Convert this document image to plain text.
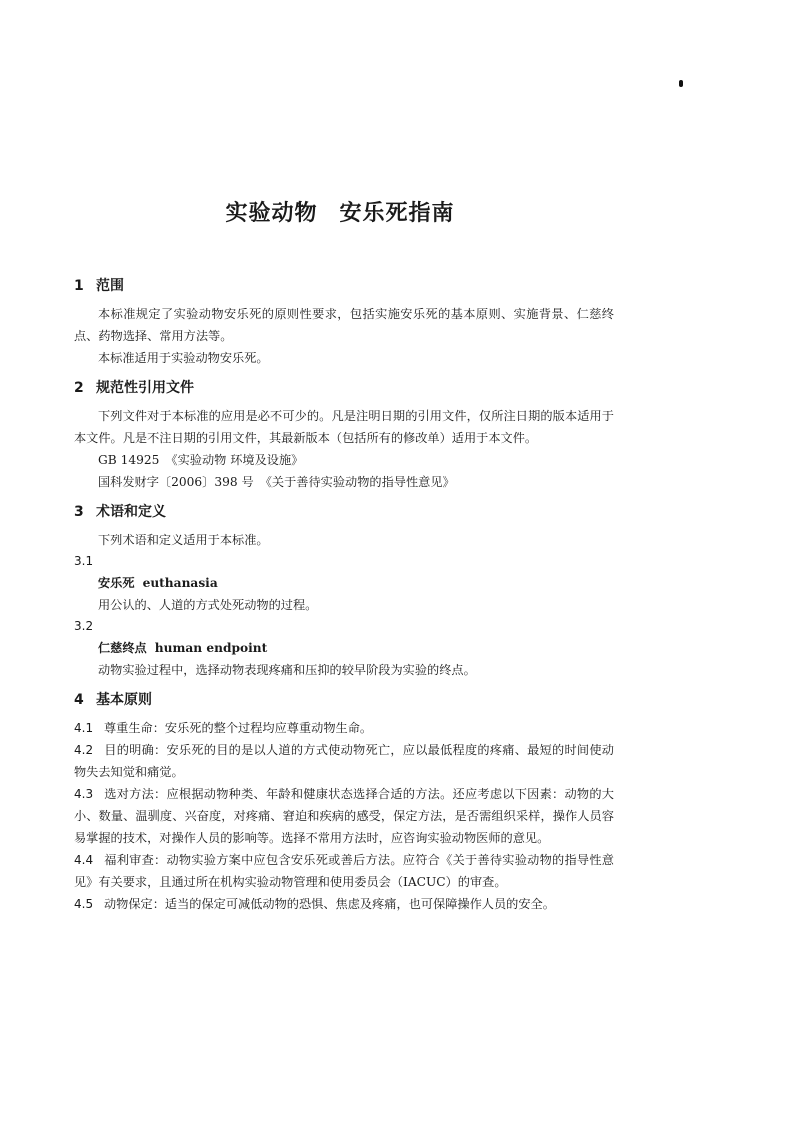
实验动物 安乐死指南
1 范围
本标准规定了实验动物安乐死的原则性要求，包括实施安乐死的基本原则、实施背景、仁慈终点、药物选择、常用方法等。
本标准适用于实验动物安乐死。
2 规范性引用文件
下列文件对于本标准的应用是必不可少的。凡是注明日期的引用文件，仅所注日期的版本适用于本文件。凡是不注日期的引用文件，其最新版本（包括所有的修改单）适用于本文件。
GB 14925　《实验动物 环境及设施》
国科发财字〔2006〕398 号　《关于善待实验动物的指导性意见》
3 术语和定义
下列术语和定义适用于本标准。
3.1
安乐死 euthanasia
用公认的、人道的方式处死动物的过程。
3.2
仁慈终点 human endpoint
动物实验过程中，选择动物表现疼痛和压抑的较早阶段为实验的终点。
4 基本原则
4.1 尊重生命：安乐死的整个过程均应尊重动物生命。
4.2 目的明确：安乐死的目的是以人道的方式使动物死亡，应以最低程度的疼痛、最短的时间使动物失去知觉和痛觉。
4.3 选对方法：应根据动物种类、年龄和健康状态选择合适的方法。还应考虑以下因素：动物的大小、数量、温驯度、兴奋度，对疼痛、窘迫和疾病的感受，保定方法，是否需组织采样，操作人员容易掌握的技术，对操作人员的影响等。选择不常用方法时，应咨询实验动物医师的意见。
4.4 福利审查：动物实验方案中应包含安乐死或善后方法。应符合《关于善待实验动物的指导性意见》有关要求，且通过所在机构实验动物管理和使用委员会（IACUC）的审查。
4.5 动物保定：适当的保定可减低动物的恐惧、焦虑及疼痛，也可保障操作人员的安全。
